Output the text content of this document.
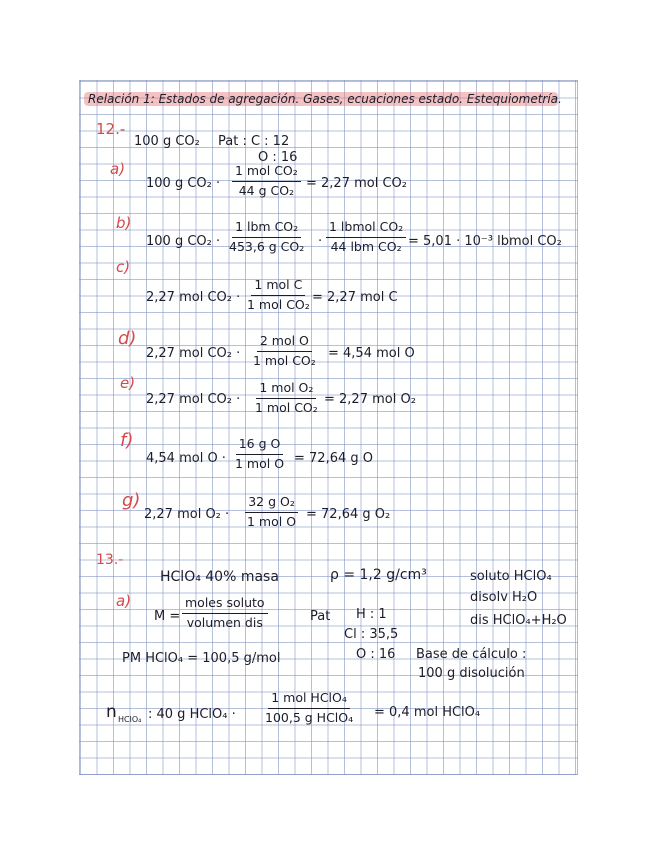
Relación 1: Estados de agregación. Gases, ecuaciones estado. Estequiometría.
12.-
100 g CO₂ Pat : C : 12
O : 16
a)
100 g CO₂ ·
1 mol CO₂
44 g CO₂ = 2,27 mol CO₂
b)
100 g CO₂ ·
1 lbm CO₂
453,6 g CO₂ ·
1 lbmol CO₂
44 lbm CO₂ = 5,01 · 10⁻³ lbmol CO₂
c)
2,27 mol CO₂ ·
1 mol C
1 mol CO₂ = 2,27 mol C
d)
2,27 mol CO₂ ·
2 mol O
1 mol CO₂ = 4,54 mol O
e)
2,27 mol CO₂ ·
1 mol O₂
1 mol CO₂ = 2,27 mol O₂
f)
4,54 mol O ·
16 g O
1 mol O = 72,64 g O
g)
2,27 mol O₂ ·
32 g O₂
1 mol O = 72,64 g O₂
13.-
HClO₄ 40% masa	ρ = 1,2 g/cm³	soluto HClO₄
disolv H₂O
dis HClO₄+H₂O
a)
M =
moles soluto
volumen dis	Pat H : 1
Cl : 35,5
O : 16
PM HClO₄ = 100,5 g/mol	Base de cálculo :
100 g disolución
n HClO₄ : 40 g HClO₄ ·
1 mol HClO₄
100,5 g HClO₄ = 0,4 mol HClO₄
